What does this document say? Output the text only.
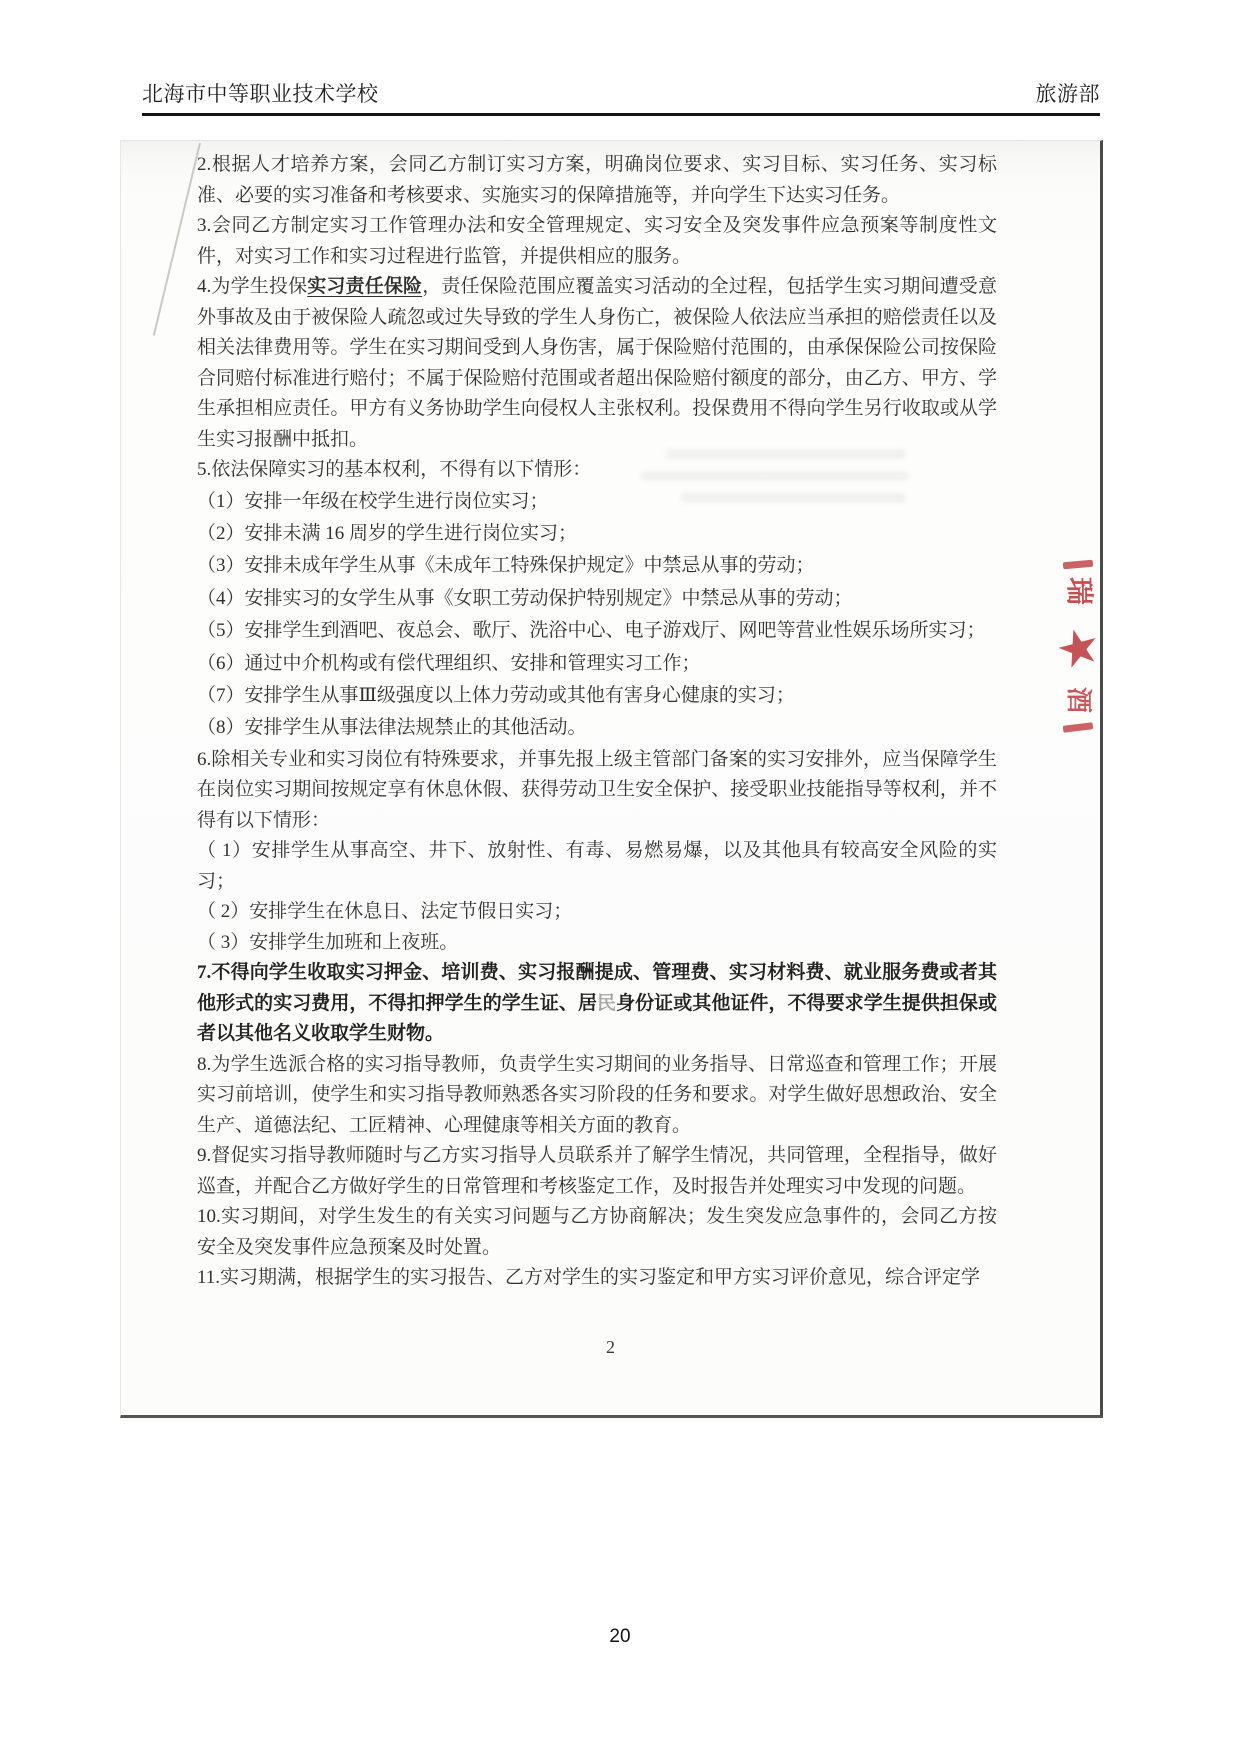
北海市中等职业技术学校	旅游部

2.根据人才培养方案，会同乙方制订实习方案，明确岗位要求、实习目标、实习任务、实习标准、必要的实习准备和考核要求、实施实习的保障措施等，并向学生下达实习任务。

3.会同乙方制定实习工作管理办法和安全管理规定、实习安全及突发事件应急预案等制度性文件，对实习工作和实习过程进行监管，并提供相应的服务。

4.为学生投保实习责任保险，责任保险范围应覆盖实习活动的全过程，包括学生实习期间遭受意外事故及由于被保险人疏忽或过失导致的学生人身伤亡，被保险人依法应当承担的赔偿责任以及相关法律费用等。学生在实习期间受到人身伤害，属于保险赔付范围的，由承保保险公司按保险合同赔付标准进行赔付；不属于保险赔付范围或者超出保险赔付额度的部分，由乙方、甲方、学生承担相应责任。甲方有义务协助学生向侵权人主张权利。投保费用不得向学生另行收取或从学生实习报酬中抵扣。

5.依法保障实习的基本权利，不得有以下情形：

（1）安排一年级在校学生进行岗位实习；

（2）安排未满 16 周岁的学生进行岗位实习；

（3）安排未成年学生从事《未成年工特殊保护规定》中禁忌从事的劳动；

（4）安排实习的女学生从事《女职工劳动保护特别规定》中禁忌从事的劳动；

（5）安排学生到酒吧、夜总会、歌厅、洗浴中心、电子游戏厅、网吧等营业性娱乐场所实习；

（6）通过中介机构或有偿代理组织、安排和管理实习工作；

（7）安排学生从事Ⅲ级强度以上体力劳动或其他有害身心健康的实习；

（8）安排学生从事法律法规禁止的其他活动。

6.除相关专业和实习岗位有特殊要求，并事先报上级主管部门备案的实习安排外，应当保障学生在岗位实习期间按规定享有休息休假、获得劳动卫生安全保护、接受职业技能指导等权利，并不得有以下情形：

（ 1）安排学生从事高空、井下、放射性、有毒、易燃易爆，以及其他具有较高安全风险的实习；

（ 2）安排学生在休息日、法定节假日实习；

（ 3）安排学生加班和上夜班。

7.不得向学生收取实习押金、培训费、实习报酬提成、管理费、实习材料费、就业服务费或者其他形式的实习费用，不得扣押学生的学生证、居民身份证或其他证件，不得要求学生提供担保或者以其他名义收取学生财物。

8.为学生选派合格的实习指导教师，负责学生实习期间的业务指导、日常巡查和管理工作；开展实习前培训，使学生和实习指导教师熟悉各实习阶段的任务和要求。对学生做好思想政治、安全生产、道德法纪、工匠精神、心理健康等相关方面的教育。

9.督促实习指导教师随时与乙方实习指导人员联系并了解学生情况，共同管理，全程指导，做好巡查，并配合乙方做好学生的日常管理和考核鉴定工作，及时报告并处理实习中发现的问题。

10.实习期间，对学生发生的有关实习问题与乙方协商解决；发生突发应急事件的，会同乙方按安全及突发事件应急预案及时处置。

11.实习期满，根据学生的实习报告、乙方对学生的实习鉴定和甲方实习评价意见，综合评定学

瑞
★
酒
2
20
